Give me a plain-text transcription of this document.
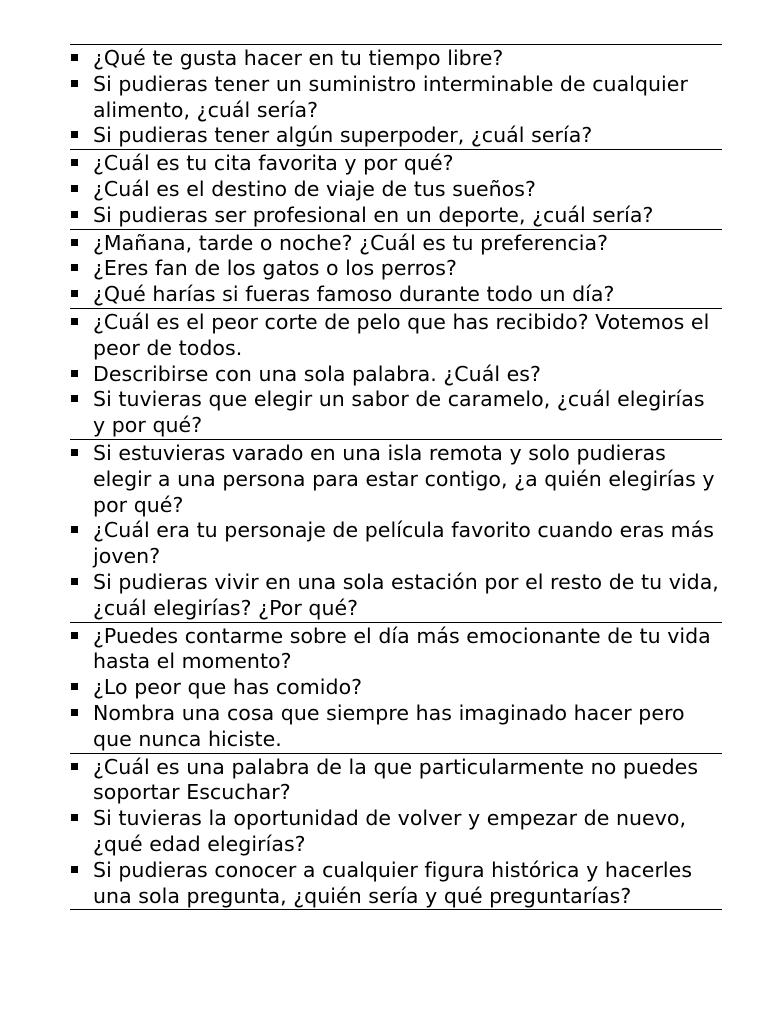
¿Qué te gusta hacer en tu tiempo libre?
Si pudieras tener un suministro interminable de cualquier alimento, ¿cuál sería?
Si pudieras tener algún superpoder, ¿cuál sería?
¿Cuál es tu cita favorita y por qué?
¿Cuál es el destino de viaje de tus sueños?
Si pudieras ser profesional en un deporte, ¿cuál sería?
¿Mañana, tarde o noche? ¿Cuál es tu preferencia?
¿Eres fan de los gatos o los perros?
¿Qué harías si fueras famoso durante todo un día?
¿Cuál es el peor corte de pelo que has recibido? Votemos el peor de todos.
Describirse con una sola palabra. ¿Cuál es?
Si tuvieras que elegir un sabor de caramelo, ¿cuál elegirías y por qué?
Si estuvieras varado en una isla remota y solo pudieras elegir a una persona para estar contigo, ¿a quién elegirías y por qué?
¿Cuál era tu personaje de película favorito cuando eras más joven?
Si pudieras vivir en una sola estación por el resto de tu vida, ¿cuál elegirías? ¿Por qué?
¿Puedes contarme sobre el día más emocionante de tu vida hasta el momento?
¿Lo peor que has comido?
Nombra una cosa que siempre has imaginado hacer pero que nunca hiciste.
¿Cuál es una palabra de la que particularmente no puedes soportar Escuchar?
Si tuvieras la oportunidad de volver y empezar de nuevo, ¿qué edad elegirías?
Si pudieras conocer a cualquier figura histórica y hacerles una sola pregunta, ¿quién sería y qué preguntarías?
